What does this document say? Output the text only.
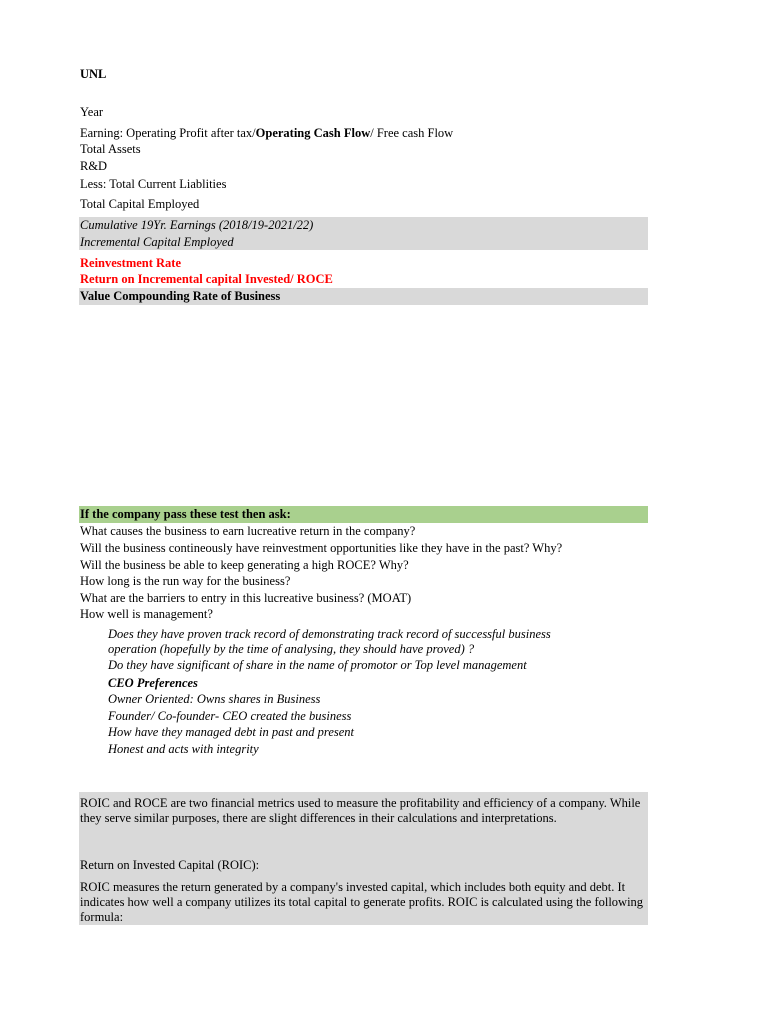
UNL
Year
Earning: Operating Profit after tax/Operating Cash Flow/ Free cash Flow
Total Assets
R&D
Less: Total Current Liablities
Total Capital Employed
Cumulative 19Yr. Earnings (2018/19-2021/22)
Incremental Capital Employed
Reinvestment Rate
Return on Incremental capital Invested/ ROCE
Value Compounding Rate of Business
If the company pass these test then ask:
What causes the business to earn lucreative return in the company?
Will the business contineously have reinvestment opportunities like they have in the past? Why?
Will the business be able to keep generating a high ROCE? Why?
How long is the run way for the business?
What are the barriers to entry in this lucreative business? (MOAT)
How well is management?
Does they have proven track record of demonstrating track record of successful business
operation (hopefully by the time of analysing, they should have proved) ?
Do they have significant of share in the name of promotor or Top level management
CEO Preferences
Owner Oriented: Owns shares in Business
Founder/ Co-founder- CEO created the business
How have they managed debt in past and present
Honest and acts with integrity
ROIC and ROCE are two financial metrics used to measure the profitability and efficiency of a company. While they serve similar purposes, there are slight differences in their calculations and interpretations.
Return on Invested Capital (ROIC):
ROIC measures the return generated by a company's invested capital, which includes both equity and debt. It indicates how well a company utilizes its total capital to generate profits. ROIC is calculated using the following formula:
